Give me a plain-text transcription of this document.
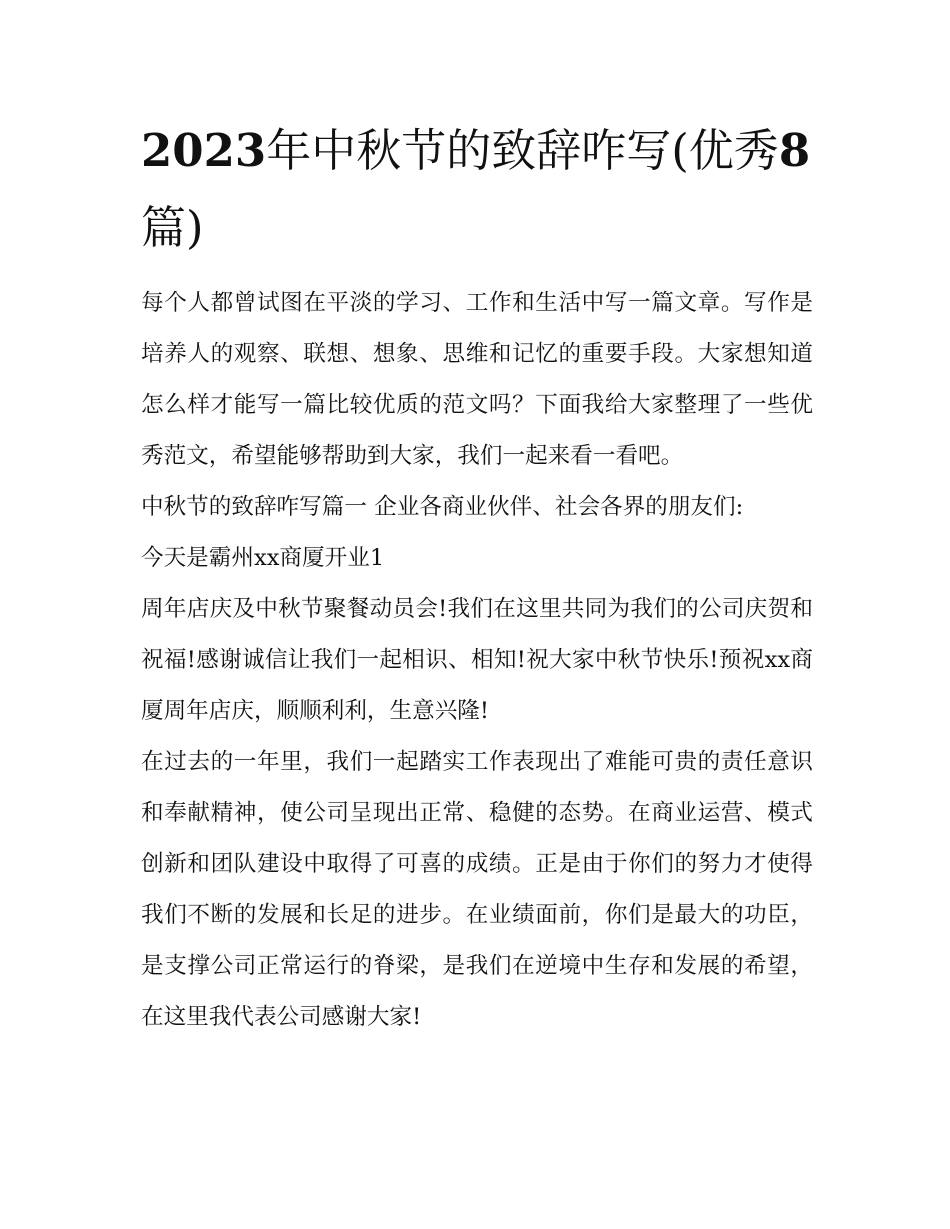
2023年中秋节的致辞咋写(优秀8篇)

每个人都曾试图在平淡的学习、工作和生活中写一篇文章。写作是培养人的观察、联想、想象、思维和记忆的重要手段。大家想知道怎么样才能写一篇比较优质的范文吗？下面我给大家整理了一些优秀范文，希望能够帮助到大家，我们一起来看一看吧。

中秋节的致辞咋写篇一 企业各商业伙伴、社会各界的朋友们:

今天是霸州xx商厦开业1

周年店庆及中秋节聚餐动员会!我们在这里共同为我们的公司庆贺和祝福!感谢诚信让我们一起相识、相知!祝大家中秋节快乐!预祝xx商厦周年店庆，顺顺利利，生意兴隆!

在过去的一年里，我们一起踏实工作表现出了难能可贵的责任意识和奉献精神，使公司呈现出正常、稳健的态势。在商业运营、模式创新和团队建设中取得了可喜的成绩。正是由于你们的努力才使得我们不断的发展和长足的进步。在业绩面前，你们是最大的功臣，是支撑公司正常运行的脊梁，是我们在逆境中生存和发展的希望，在这里我代表公司感谢大家!
